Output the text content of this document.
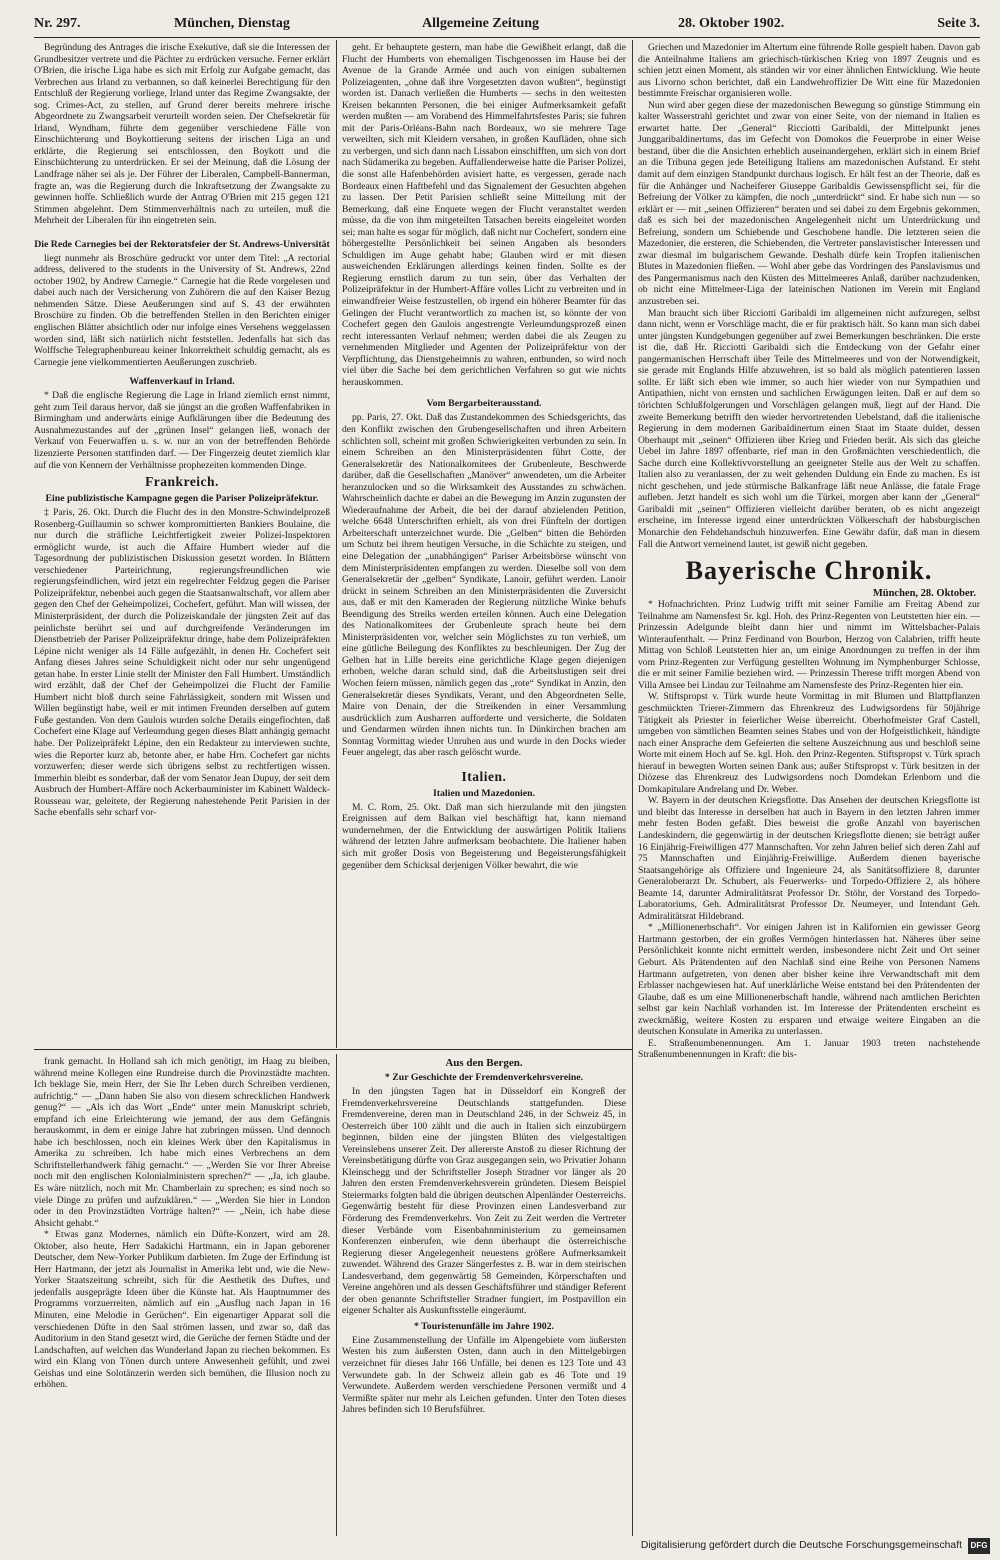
Nr. 297.	München, Dienstag	Allgemeine Zeitung	28. Oktober 1902.	Seite 3.

Begründung des Antrages die irische Exekutive, daß sie die Interessen der Grundbesitzer vertrete und die Pächter zu erdrücken versuche. Ferner erklärt O'Brien, die irische Liga habe es sich mit Erfolg zur Aufgabe gemacht, das Verbrechen aus Irland zu verbannen, so daß keinerlei Berechtigung für den Entschluß der Regierung vorliege, Irland unter das Regime Zwangsakte, der sog. Crimes-Act, zu stellen, auf Grund derer bereits mehrere irische Abgeordnete zu Zwangsarbeit verurteilt worden seien. Der Chefsekretär für Irland, Wyndham, führte dem gegenüber verschiedene Fälle von Einschüchterung und Boykottierung seitens der irischen Liga an und erklärte, die Regierung sei entschlossen, den Boykott und die Einschüchterung zu unterdrücken. Er sei der Meinung, daß die Lösung der Landfrage näher sei als je. Der Führer der Liberalen, Campbell-Bannerman, fragte an, was die Regierung durch die Inkraftsetzung der Zwangsakte zu gewinnen hoffe. Schließlich wurde der Antrag O'Brien mit 215 gegen 121 Stimmen abgelehnt. Dem Stimmenverhältnis nach zu urteilen, muß die Mehrheit der Liberalen für ihn eingetreten sein.

Die Rede Carnegies bei der Rektoratsfeier der St. Andrews-Universität

liegt nunmehr als Broschüre gedruckt vor unter dem Titel: „A rectorial address, delivered to the students in the University of St. Andrews, 22nd october 1902, by Andrew Carnegie.“ Carnegie hat die Rede vorgelesen und dabei auch nach der Versicherung von Zuhörern die auf den Kaiser Bezug nehmenden Sätze. Diese Aeußerungen sind auf S. 43 der erwähnten Broschüre zu finden. Ob die betreffenden Stellen in den Berichten einiger englischen Blätter absichtlich oder nur infolge eines Versehens weggelassen worden sind, läßt sich natürlich nicht feststellen. Jedenfalls hat sich das Wolffsche Telegraphenbureau keiner Inkorrektheit schuldig gemacht, als es Carnegie jene vielkommentierten Aeußerungen zuschrieb.

Waffenverkauf in Irland.

* Daß die englische Regierung die Lage in Irland ziemlich ernst nimmt, geht zum Teil daraus hervor, daß sie jüngst an die großen Waffenfabriken in Birmingham und anderwärts einige Aufklärungen über die Bedeutung des Ausnahmezustandes auf der „grünen Insel“ gelangen ließ, wonach der Verkauf von Feuerwaffen u. s. w. nur an von der betreffenden Behörde lizenzierte Personen stattfinden darf. — Der Fingerzeig deutet ziemlich klar auf die von Kennern der Verhältnisse prophezeiten kommenden Dinge.

Frankreich.
Eine publizistische Kampagne gegen die Pariser Polizeipräfektur.

‡ Paris, 26. Okt. Durch die Flucht des in den Monstre-Schwindelprozeß Rosenberg-Guillaumin so schwer kompromittierten Bankiers Boulaine, die nur durch die sträfliche Leichtfertigkeit zweier Polizei-Inspektoren ermöglicht wurde, ist auch die Affaire Humbert wieder auf die Tagesordnung der publizistischen Diskussion gesetzt worden. In Blättern verschiedener Parteirichtung, regierungsfreundlichen wie regierungsfeindlichen, wird jetzt ein regelrechter Feldzug gegen die Pariser Polizeipräfektur, nebenbei auch gegen die Staatsanwaltschaft, vor allem aber gegen den Chef der Geheimpolizei, Cochefert, geführt. Man will wissen, der Ministerpräsident, der durch die Polizeiskandale der jüngsten Zeit auf das peinlichste berührt sei und auf durchgreifende Veränderungen im Dienstbetrieb der Pariser Polizeipräfektur dringe, habe dem Polizeipräfekten Lépine nicht weniger als 14 Fälle aufgezählt, in denen Hr. Cochefert seit Anfang dieses Jahres seine Schuldigkeit nicht oder nur sehr ungenügend getan habe. In erster Linie stellt der Minister den Fall Humbert. Umständlich wird erzählt, daß der Chef der Geheimpolizei die Flucht der Familie Humbert nicht bloß durch seine Fahrlässigkeit, sondern mit Wissen und Willen begünstigt habe, weil er mit intimen Freunden derselben auf gutem Fuße gestanden. Von dem Gaulois wurden solche Details eingeflochten, daß Cochefert eine Klage auf Verleumdung gegen dieses Blatt anhängig gemacht habe. Der Polizeipräfekt Lépine, den ein Redakteur zu interviewen suchte, wies die Reporter kurz ab, betonte aber, er habe Hrn. Cochefert gar nichts vorzuwerfen; dieser werde sich übrigens selbst zu rechtfertigen wissen. Immerhin bleibt es sonderbar, daß der vom Senator Jean Dupuy, der seit dem Ausbruch der Humbert-Affäre noch Ackerbauminister im Kabinett Waldeck-Rousseau war, geleitete, der Regierung nahestehende Petit Parisien in der Sache ebenfalls sehr scharf vor-

geht. Er behauptete gestern, man habe die Gewißheit erlangt, daß die Flucht der Humberts von ehemaligen Tischgenossen im Hause bei der Avenue de la Grande Armée und auch von einigen subalternen Polizeiagenten, „ohne daß ihre Vorgesetzten davon wußten“, begünstigt worden ist. Danach verließen die Humberts — sechs in den weitesten Kreisen bekannten Personen, die bei einiger Aufmerksamkeit gefaßt werden mußten — am Vorabend des Himmelfahrtsfestes Paris; sie fuhren mit der Paris-Orléans-Bahn nach Bordeaux, wo sie mehrere Tage verweilten, sich mit Kleidern versahen, in großen Kaufläden, ohne sich zu verbergen, und sich dann nach Lissabon einschifften, um sich von dort nach Südamerika zu begeben. Auffallenderweise hatte die Pariser Polizei, die sonst alle Hafenbehörden avisiert hatte, es vergessen, gerade nach Bordeaux einen Haftbefehl und das Signalement der Gesuchten abgehen zu lassen. Der Petit Parisien schließt seine Mitteilung mit der Bemerkung, daß eine Enquete wegen der Flucht veranstaltet werden müsse, da die von ihm mitgeteilten Tatsachen bereits eingeleitet worden sei; man halte es sogar für möglich, daß nicht nur Cochefert, sondern eine höhergestellte Persönlichkeit bei seinen Angaben als besonders Schuldigen im Auge gehabt habe; Glauben wird er mit diesen ausweichenden Erklärungen allerdings keinen finden. Sollte es der Regierung ernstlich darum zu tun sein, über das Verhalten der Polizeipräfektur in der Humbert-Affäre volles Licht zu verbreiten und in einwandfreier Weise festzustellen, ob irgend ein höherer Beamter für das Gelingen der Flucht verantwortlich zu machen ist, so könnte der von Cochefert gegen den Gaulois angestrengte Verleumdungsprozeß einen recht interessanten Verlauf nehmen; werden dabei die als Zeugen zu vernehmenden Mitglieder und Agenten der Polizeipräfektur von der Verpflichtung, das Dienstgeheimnis zu wahren, entbunden, so wird noch viel über die Sache bei dem gerichtlichen Verfahren so gut wie nichts herauskommen.

Vom Bergarbeiterausstand.

pp. Paris, 27. Okt. Daß das Zustandekommen des Schiedsgerichts, das den Konflikt zwischen den Grubengesellschaften und ihren Arbeitern schlichten soll, scheint mit großen Schwierigkeiten verbunden zu sein. In einem Schreiben an den Ministerpräsidenten führt Cotte, der Generalsekretär des Nationalkomitees der Grubenleute, Beschwerde darüber, daß die Gesellschaften „Manöver“ anwendeten, um die Arbeiter heranzulocken und so die Wirksamkeit des Ausstandes zu schwächen. Wahrscheinlich dachte er dabei an die Bewegung im Anzin zugunsten der Wiederaufnahme der Arbeit, die bei der darauf abzielenden Petition, welche 6648 Unterschriften erhielt, als von drei Fünfteln der dortigen Arbeiterschaft unterzeichnet wurde. Die „Gelben“ bitten die Behörden um Schutz bei ihrem heutigen Versuche, in die Schächte zu steigen, und eine Delegation der „unabhängigen“ Pariser Arbeitsbörse wünscht von dem Ministerpräsidenten empfangen zu werden. Dieselbe soll von dem Generalsekretär der „gelben“ Syndikate, Lanoir, geführt werden. Lanoir drückt in seinem Schreiben an den Ministerpräsidenten die Zuversicht aus, daß er mit den Kameraden der Regierung nützliche Winke behufs Beendigung des Streiks werden erteilen können. Auch eine Delegation des Nationalkomitees der Grubenleute sprach heute bei dem Ministerpräsidenten vor, welcher sein Möglichstes zu tun verhieß, um eine gütliche Beilegung des Konfliktes zu beschleunigen. Der Zug der Gelben hat in Lille bereits eine gerichtliche Klage gegen diejenigen erhoben, welche daran schuld sind, daß die Arbeitslustigen seit drei Wochen feiern müssen, nämlich gegen das „rote“ Syndikat in Anzin, den Generalsekretär dieses Syndikats, Verant, und den Abgeordneten Selle, Maire von Denain, der die Streikenden in einer Versammlung ausdrücklich zum Ausharren aufforderte und versicherte, die Soldaten und Gendarmen würden ihnen nichts tun. In Dünkirchen brachen am Sonntag Vormittag wieder Unruhen aus und wurde in den Docks wieder Feuer angelegt, das aber rasch gelöscht wurde.

Italien.
Italien und Mazedonien.

M. C. Rom, 25. Okt. Daß man sich hierzulande mit den jüngsten Ereignissen auf dem Balkan viel beschäftigt hat, kann niemand wundernehmen, der die Entwicklung der auswärtigen Politik Italiens während der letzten Jahre aufmerksam beobachtete. Die Italiener haben sich mit großer Dosis von Begeisterung und Begeisterungsfähigkeit gegenüber dem Schicksal derjenigen Völker bewahrt, die wie

Griechen und Mazedonier im Altertum eine führende Rolle gespielt haben. Davon gab die Anteilnahme Italiens am griechisch-türkischen Krieg von 1897 Zeugnis und es schien jetzt einen Moment, als ständen wir vor einer ähnlichen Entwicklung. Wie heute aus Livorno schon berichtet, daß ein Landwehroffizier De Witt eine für Mazedonien bestimmte Freischar organisieren wolle.

Nun wird aber gegen diese der mazedonischen Bewegung so günstige Stimmung ein kalter Wasserstrahl gerichtet und zwar von einer Seite, von der niemand in Italien es erwartet hatte. Der „General“ Ricciotti Garibaldi, der Mittelpunkt jenes Junggaribaldinertums, das im Gefecht von Domokos die Feuerprobe in einer Weise bestand, über die die Ansichten erheblich auseinandergehen, erklärt sich in einem Brief an die Tribuna gegen jede Beteiligung Italiens am mazedonischen Aufstand. Er steht damit auf dem einzigen Standpunkt durchaus logisch. Er hält fest an der Theorie, daß es für die Anhänger und Nacheiferer Giuseppe Garibaldis Gewissenspflicht sei, für die Befreiung der Völker zu kämpfen, die noch „unterdrückt“ sind. Er habe sich nun — so erklärt er — mit „seinen Offizieren“ beraten und sei dabei zu dem Ergebnis gekommen, daß es sich bei der mazedonischen Angelegenheit nicht um Unterdrückung und Befreiung, sondern um Schiebende und Geschobene handle. Die letzteren seien die Mazedonier, die ersteren, die Schiebenden, die Vertreter panslavistischer Interessen und zwar diesmal im bulgarischem Gewande. Deshalb dürfe kein Tropfen italienischen Blutes in Mazedonien fließen. — Wohl aber gebe das Vordringen des Panslavismus und des Pangermanismus nach den Küsten des Mittelmeeres Anlaß, darüber nachzudenken, ob nicht eine Mittelmeer-Liga der lateinischen Nationen im Verein mit England anzustreben sei.

Man braucht sich über Ricciotti Garibaldi im allgemeinen nicht aufzuregen, selbst dann nicht, wenn er Vorschläge macht, die er für praktisch hält. So kann man sich dabei unter jüngsten Kundgebungen gegenüber auf zwei Bemerkungen beschränken. Die erste ist die, daß Hr. Ricciotti Garibaldi sich die Entdeckung von der Gefahr einer pangermanischen Herrschaft über Teile des Mittelmeeres und von der Notwendigkeit, sie gerade mit Englands Hilfe abzuwehren, ist so bald als möglich patentieren lassen sollte. Er läßt sich eben wie immer, so auch hier wieder von nur Sympathien und Antipathien, nicht von ernsten und sachlichen Erwägungen leiten. Daß er auf dem so törichten Schlußfolgerungen und Vorschlägen gelangen muß, liegt auf der Hand. Die zweite Bemerkung betrifft den wieder hervortretenden Uebelstand, daß die italienische Regierung in dem modernen Garibaldinertum einen Staat im Staate duldet, dessen Oberhaupt mit „seinen“ Offizieren über Krieg und Frieden berät. Als sich das gleiche Uebel im Jahre 1897 offenbarte, rief man in den Großmächten verschiedentlich, die Sache durch eine Kollektivvorstellung an geeigneter Stelle aus der Welt zu schaffen. Italien also zu veranlassen, der zu weit gehenden Duldung ein Ende zu machen. Es ist nicht geschehen, und jede stürmische Balkanfrage läßt neue Anlässe, die fatale Frage aufleben. Jetzt handelt es sich wohl um die Türkei, morgen aber kann der „General“ Garibaldi mit „seinen“ Offizieren vielleicht darüber beraten, ob es nicht angezeigt erscheine, im Interesse irgend einer unterdrückten Völkerschaft der habsburgischen Monarchie den Fehdehandschuh hinzuwerfen. Eine Gewähr dafür, daß man in diesem Fall die Antwort verneinend lautet, ist gewiß nicht gegeben.

Bayerische Chronik.
München, 28. Oktober.

* Hofnachrichten. Prinz Ludwig trifft mit seiner Familie am Freitag Abend zur Teilnahme am Namensfest Sr. kgl. Hoh. des Prinz-Regenten von Leutstetten hier ein. — Prinzessin Adelgunde bleibt dann hier und nimmt im Wittelsbacher-Palais Winteraufenthalt. — Prinz Ferdinand von Bourbon, Herzog von Calabrien, trifft heute Mittag von Schloß Leutstetten hier an, um einige Anordnungen zu treffen in der ihm vom Prinz-Regenten zur Verfügung gestellten Wohnung im Nymphenburger Schlosse, die er mit seiner Familie beziehen wird. — Prinzessin Therese trifft morgen Abend von Villa Amsee bei Lindau zur Teilnahme am Namensfeste des Prinz-Regenten hier ein.

W. Stiftspropst v. Türk wurde heute Vormittag in mit Blumen und Blattpflanzen geschmückten Trierer-Zimmern das Ehrenkreuz des Ludwigsordens für 50jährige Tätigkeit als Priester in feierlicher Weise überreicht. Oberhofmeister Graf Castell, umgeben von sämtlichen Beamten seines Stabes und von der Hofgeistlichkeit, händigte nach einer Ansprache dem Gefeierten die seltene Auszeichnung aus und beschloß seine Worte mit einem Hoch auf Se. kgl. Hoh. den Prinz-Regenten. Stiftspropst v. Türk sprach hierauf in bewegten Worten seinen Dank aus; außer Stiftspropst v. Türk besitzen in der Diözese das Ehrenkreuz des Ludwigsordens noch Domdekan Erlenborn und die Domkapitulare Andrelang und Dr. Weber.

W. Bayern in der deutschen Kriegsflotte. Das Ansehen der deutschen Kriegsflotte ist und bleibt das Interesse in derselben hat auch in Bayern in den letzten Jahren immer mehr festen Boden gefaßt. Dies beweist die große Anzahl von bayerischen Landeskindern, die gegenwärtig in der deutschen Kriegsflotte dienen; sie beträgt außer 16 Einjährig-Freiwilligen 477 Mannschaften. Vor zehn Jahren belief sich deren Zahl auf 75 Mannschaften und Einjährig-Freiwillige. Außerdem dienen bayerische Staatsangehörige als Offiziere und Ingenieure 24, als Sanitätsoffiziere 8, darunter Generaloberarzt Dr. Schubert, als Feuerwerks- und Torpedo-Offiziere 2, als höhere Beamte 14, darunter Admiralitätsrat Professor Dr. Stöhr, der Vorstand des Torpedo-Laboratoriums, Geh. Admiralitätsrat Professor Dr. Neumeyer, und Intendant Geh. Admiralitätsrat Hildebrand.

* „Millionenerbschaft“. Vor einigen Jahren ist in Kalifornien ein gewisser Georg Hartmann gestorben, der ein großes Vermögen hinterlassen hat. Näheres über seine Persönlichkeit konnte nicht ermittelt werden, insbesondere nicht Zeit und Ort seiner Geburt. Als Prätendenten auf den Nachlaß sind eine Reihe von Personen Namens Hartmann aufgetreten, von denen aber bisher keine ihre Verwandtschaft mit dem Erblasser nachgewiesen hat. Auf unerklärliche Weise entstand bei den Prätendenten der Glaube, daß es um eine Millionenerbschaft handle, während nach amtlichen Berichten selbst gar kein Nachlaß vorhanden ist. Im Interesse der Prätendenten erscheint es zweckmäßig, weitere Kosten zu ersparen und etwaige weitere Eingaben an die deutschen Konsulate in Amerika zu unterlassen.

E. Straßenumbenennungen. Am 1. Januar 1903 treten nachstehende Straßenumbenennungen in Kraft: die bis-

frank gemacht. In Holland sah ich mich genötigt, im Haag zu bleiben, während meine Kollegen eine Rundreise durch die Provinzstädte machten. Ich beklage Sie, mein Herr, der Sie Ihr Leben durch Schreiben verdienen, aufrichtig.“ — „Dann haben Sie also von diesem schrecklichen Handwerk genug?“ — „Als ich das Wort „Ende“ unter mein Manuskript schrieb, empfand ich eine Erleichterung wie jemand, der aus dem Gefängnis herauskommt, in dem er einige Jahre hat zubringen müssen. Und dennoch habe ich beschlossen, noch ein kleines Werk über den Kapitalismus in Amerika zu schreiben. Ich habe mich eines Verbrechens an dem Schriftstellerhandwerk fähig gemacht.“ — „Werden Sie vor Ihrer Abreise noch mit den englischen Kolonialministern sprechen?“ — „Ja, ich glaube. Es wäre nützlich, noch mit Mr. Chamberlain zu sprechen; es sind noch so viele Dinge zu prüfen und aufzuklären.“ — „Werden Sie hier in London oder in den Provinzstädten Vorträge halten?“ — „Nein, ich habe diese Absicht gehabt.“

* Etwas ganz Modernes, nämlich ein Düfte-Konzert, wird am 28. Oktober, also heute, Herr Sadakichi Hartmann, ein in Japan geborener Deutscher, dem New-Yorker Publikum darbieten. Im Zuge der Erfindung ist Herr Hartmann, der jetzt als Journalist in Amerika lebt und, wie die New-Yorker Staatszeitung schreibt, sich für die Aesthetik des Duftes, und jedenfalls ausgeprägte Ideen über die Künste hat. Als Hauptnummer des Programms vorzuerreiten, nämlich auf ein „Ausflug nach Japan in 16 Minuten, eine Melodie in Gerüchen“. Ein eigenartiger Apparat soll die verschiedenen Düfte in den Saal strömen lassen, und zwar so, daß das Auditorium in den Stand gesetzt wird, die Gerüche der fernen Städte und der Landschaften, auf welchen das Wunderland Japan zu riechen bekommen. Es wird ein Klang von Tönen durch untere Anwesenheit gefühlt, und zwei Geishas und eine Solotänzerin werden sich bemühen, die Illusion noch zu erhöhen.

Aus den Bergen.
* Zur Geschichte der Fremdenverkehrsvereine.

In den jüngsten Tagen hat in Düsseldorf ein Kongreß der Fremdenverkehrsvereine Deutschlands stattgefunden. Diese Fremdenvereine, deren man in Deutschland 246, in der Schweiz 45, in Oesterreich über 100 zählt und die auch in Italien sich einzubürgern beginnen, bilden eine der jüngsten Blüten des vielgestaltigen Vereinslebens unserer Zeit. Der allererste Anstoß zu dieser Richtung der Vereinsbetätigung dürfte von Graz ausgegangen sein, wo Privatier Johann Kleinschegg und der Schriftsteller Joseph Stradner vor länger als 20 Jahren den ersten Fremdenverkehrsverein gründeten. Diesem Beispiel Steiermarks folgten bald die übrigen deutschen Alpenländer Oesterreichs. Gegenwärtig besteht für diese Provinzen einen Landesverband zur Förderung des Fremdenverkehrs. Von Zeit zu Zeit werden die Vertreter dieser Verbände vom Eisenbahnministerium zu gemeinsamen Konferenzen einberufen, wie denn überhaupt die österreichische Regierung dieser Angelegenheit neuestens größere Aufmerksamkeit zuwendet. Während des Grazer Sängerfestes z. B. war in dem steirischen Landesverband, dem gegenwärtig 58 Gemeinden, Körperschaften und Vereine angehören und als dessen Geschäftsführer und ständiger Referent der oben genannte Schriftsteller Stradner fungiert, im Postpavillon ein eigener Schalter als Auskunftsstelle eingeräumt.

* Touristenunfälle im Jahre 1902.

Eine Zusammenstellung der Unfälle im Alpengebiete vom äußersten Westen bis zum äußersten Osten, dann auch in den Mittelgebirgen verzeichnet für dieses Jahr 166 Unfälle, bei denen es 123 Tote und 43 Verwundete gab. In der Schweiz allein gab es 46 Tote und 19 Verwundete. Außerdem werden verschiedene Personen vermißt und 4 Vermißte später nur mehr als Leichen gefunden. Unter den Toten dieses Jahres befinden sich 10 Berufsführer.

Digitalisierung gefördert durch die Deutsche Forschungsgemeinschaft	DFG
